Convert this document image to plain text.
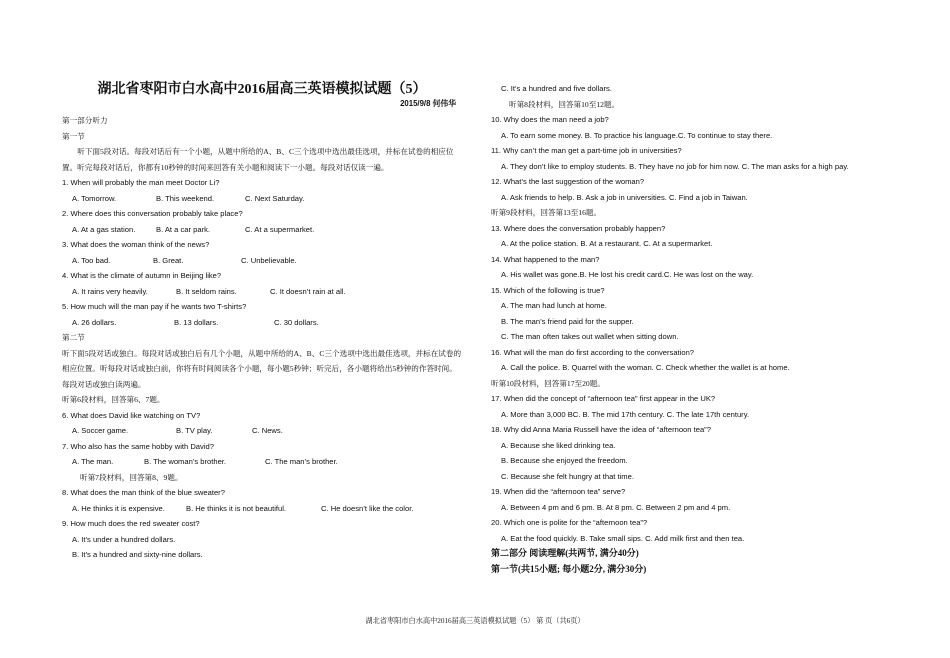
湖北省枣阳市白水高中2016届高三英语模拟试题（5）
2015/9/8 何伟华
第一部分听力
第一节
听下面5段对话。每段对话后有一个小题，从题中所给的A、B、C三个选项中选出最佳选项，并标在试卷的相应位置。听完每段对话后，你都有10秒钟的时间来回答有关小题和阅读下一小题。每段对话仅读一遍。
1. When will probably the man meet Doctor Li?
A. Tomorrow.	B. This weekend.	C. Next Saturday.
2. Where does this conversation probably take place?
A. At a gas station.	B. At a car park.	C. At a supermarket.
3. What does the woman think of the news?
A. Too bad.	B. Great.	C. Unbelievable.
4. What is the climate of autumn in Beijing like?
A. It rains very heavily.	B. It seldom rains.	C. It doesn’t rain at all.
5. How much will the man pay if he wants two T-shirts?
A. 26 dollars.	B. 13 dollars.	C. 30 dollars.
第二节
听下面5段对话或独白。每段对话或独白后有几个小题，从题中所给的A、B、C三个选项中选出最佳选项，并标在试卷的相应位置。听每段对话或独白前，你将有时间阅读各个小题，每小题5秒钟；听完后，各小题将给出5秒钟的作答时间。每段对话或独白读两遍。
听第6段材料，回答第6、7题。
6. What does David like watching on TV?
A. Soccer game.	B. TV play.	C. News.
7. Who also has the same hobby with David?
A. The man.	B. The woman’s brother.	C. The man’s brother.
听第7段材料，回答第8、9题。
8. What does the man think of the blue sweater?
A. He thinks it is expensive.	B. He thinks it is not beautiful.	C. He doesn’t like the color.
9. How much does the red sweater cost?
A. It’s under a hundred dollars.
B. It’s a hundred and sixty-nine dollars.
C. It’s a hundred and five dollars.
听第8段材料，回答第10至12题。
10. Why does the man need a job?
A. To earn some money. B. To practice his language.C. To continue to stay there.
11. Why can’t the man get a part-time job in universities?
A. They don’t like to employ students. B. They have no job for him now. C. The man asks for a high pay.
12. What’s the last suggestion of the woman?
A. Ask friends to help. B. Ask a job in universities. C. Find a job in Taiwan.
听第9段材料，回答第13至16题。
13. Where does the conversation probably happen?
A. At the police station. B. At a restaurant. C. At a supermarket.
14. What happened to the man?
A. His wallet was gone.B. He lost his credit card.C. He was lost on the way.
15. Which of the following is true?
A. The man had lunch at home.
B. The man’s friend paid for the supper.
C. The man often takes out wallet when sitting down.
16. What will the man do first according to the conversation?
A. Call the police. B. Quarrel with the woman. C. Check whether the wallet is at home.
听第10段材料，回答第17至20题。
17. When did the concept of “afternoon tea” first appear in the UK?
A. More than 3,000 BC. B. The mid 17th century. C. The late 17th century.
18. Why did Anna Maria Russell have the idea of “afternoon tea”?
A. Because she liked drinking tea.
B. Because she enjoyed the freedom.
C. Because she felt hungry at that time.
19. When did the “afternoon tea” serve?
A. Between 4 pm and 6 pm. B. At 8 pm. C. Between 2 pm and 4 pm.
20. Which one is polite for the “afternoon tea”?
A. Eat the food quickly. B. Take small sips. C. Add milk first and then tea.
第二部分 阅读理解(共两节, 满分40分)
第一节(共15小题; 每小题2分, 满分30分)
湖北省枣阳市白水高中2016届高三英语模拟试题（5） 第 页（共6页）
